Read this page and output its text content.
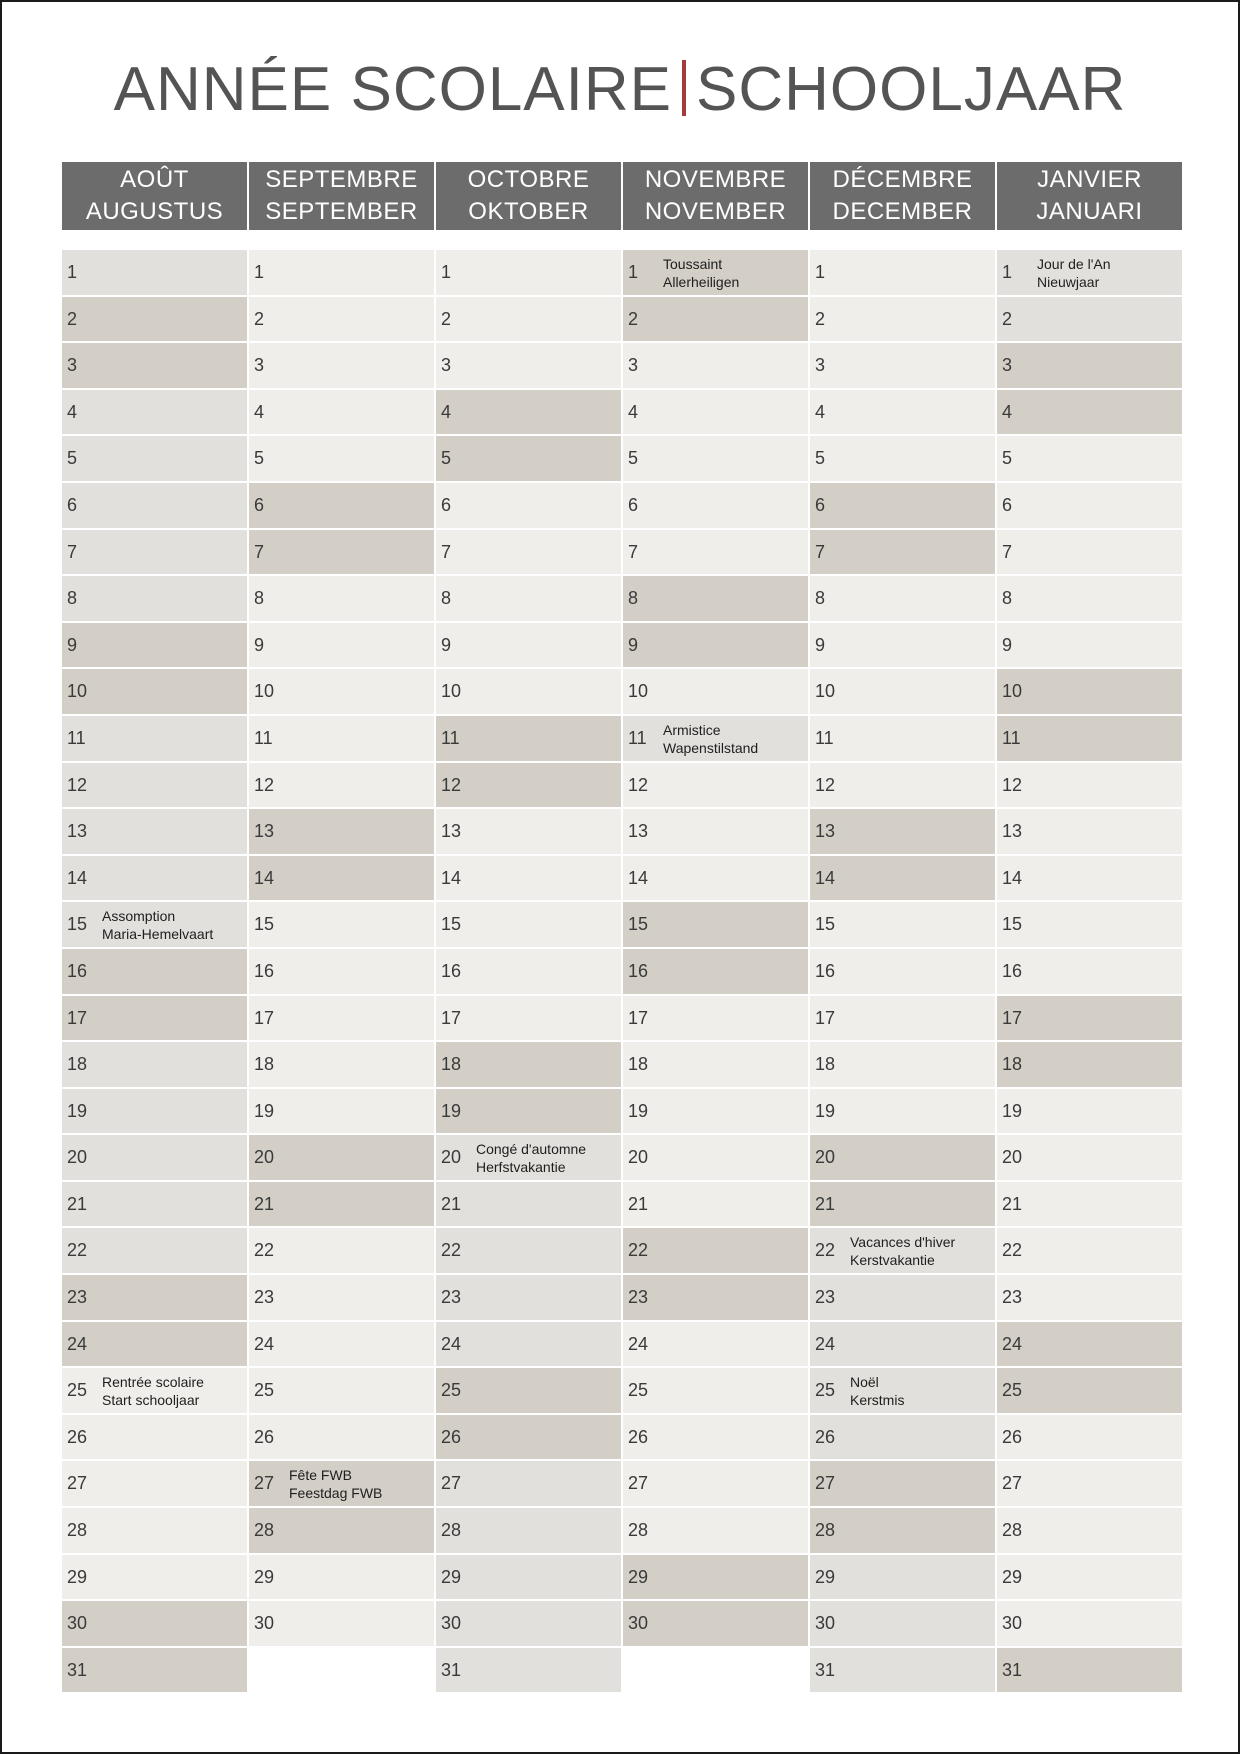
ANNÉE SCOLAIRE SCHOOLJAAR
AOÛT
AUGUSTUS
1
2
3
4
5
6
7
8
9
10
11
12
13
14
15 Assomption
Maria-Hemelvaart
16
17
18
19
20
21
22
23
24
25 Rentrée scolaire
Start schooljaar
26
27
28
29
30
31
SEPTEMBRE
SEPTEMBER
1
2
3
4
5
6
7
8
9
10
11
12
13
14
15
16
17
18
19
20
21
22
23
24
25
26
27 Fête FWB
Feestdag FWB
28
29
30
OCTOBRE
OKTOBER
1
2
3
4
5
6
7
8
9
10
11
12
13
14
15
16
17
18
19
20 Congé d'automne
Herfstvakantie
21
22
23
24
25
26
27
28
29
30
31
NOVEMBRE
NOVEMBER
1 Toussaint
Allerheiligen
2
3
4
5
6
7
8
9
10
11 Armistice
Wapenstilstand
12
13
14
15
16
17
18
19
20
21
22
23
24
25
26
27
28
29
30
DÉCEMBRE
DECEMBER
1
2
3
4
5
6
7
8
9
10
11
12
13
14
15
16
17
18
19
20
21
22 Vacances d'hiver
Kerstvakantie
23
24
25 Noël
Kerstmis
26
27
28
29
30
31
JANVIER
JANUARI
1 Jour de l'An
Nieuwjaar
2
3
4
5
6
7
8
9
10
11
12
13
14
15
16
17
18
19
20
21
22
23
24
25
26
27
28
29
30
31
